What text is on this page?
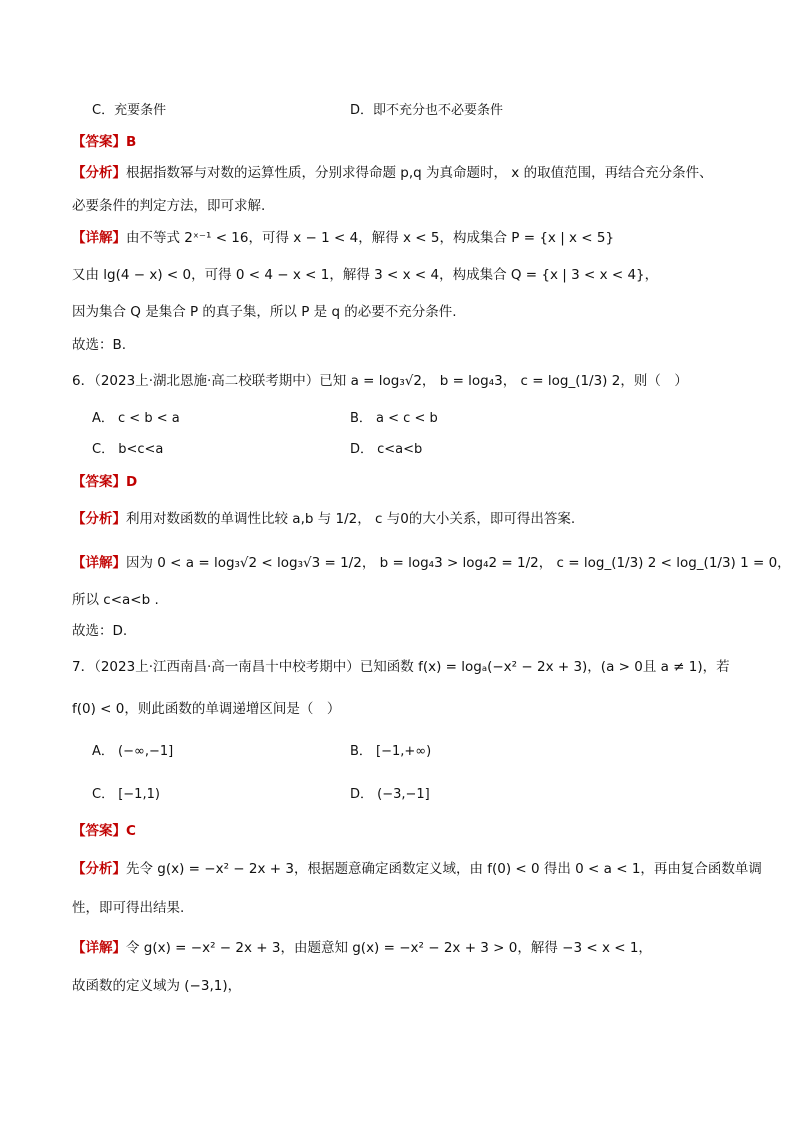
C．充要条件	D．即不充分也不必要条件
【答案】B
【分析】根据指数幂与对数的运算性质，分别求得命题 p,q 为真命题时， x 的取值范围，再结合充分条件、
必要条件的判定方法，即可求解.
【详解】由不等式 2ˣ⁻¹ < 16，可得 x − 1 < 4，解得 x < 5，构成集合 P = {x | x < 5}
又由 lg(4 − x) < 0，可得 0 < 4 − x < 1，解得 3 < x < 4，构成集合 Q = {x | 3 < x < 4}，
因为集合 Q 是集合 P 的真子集，所以 P 是 q 的必要不充分条件.
故选：B.
6．（2023上·湖北恩施·高二校联考期中）已知 a = log₃√2， b = log₄3， c = log_(1/3) 2，则（　）
A． c < b < a	B． a < c < b
C． b<c<a	D． c<a<b
【答案】D
【分析】利用对数函数的单调性比较 a,b 与 1/2， c 与0的大小关系，即可得出答案.
【详解】因为 0 < a = log₃√2 < log₃√3 = 1/2， b = log₄3 > log₄2 = 1/2， c = log_(1/3) 2 < log_(1/3) 1 = 0，
所以 c<a<b .
故选：D.
7．（2023上·江西南昌·高一南昌十中校考期中）已知函数 f(x) = logₐ(−x² − 2x + 3)，(a > 0且 a ≠ 1)，若
f(0) < 0，则此函数的单调递增区间是（　）
A． (−∞,−1]	B． [−1,+∞)
C． [−1,1)	D． (−3,−1]
【答案】C
【分析】先令 g(x) = −x² − 2x + 3，根据题意确定函数定义域，由 f(0) < 0 得出 0 < a < 1，再由复合函数单调
性，即可得出结果.
【详解】令 g(x) = −x² − 2x + 3，由题意知 g(x) = −x² − 2x + 3 > 0，解得 −3 < x < 1，
故函数的定义域为 (−3,1)，
